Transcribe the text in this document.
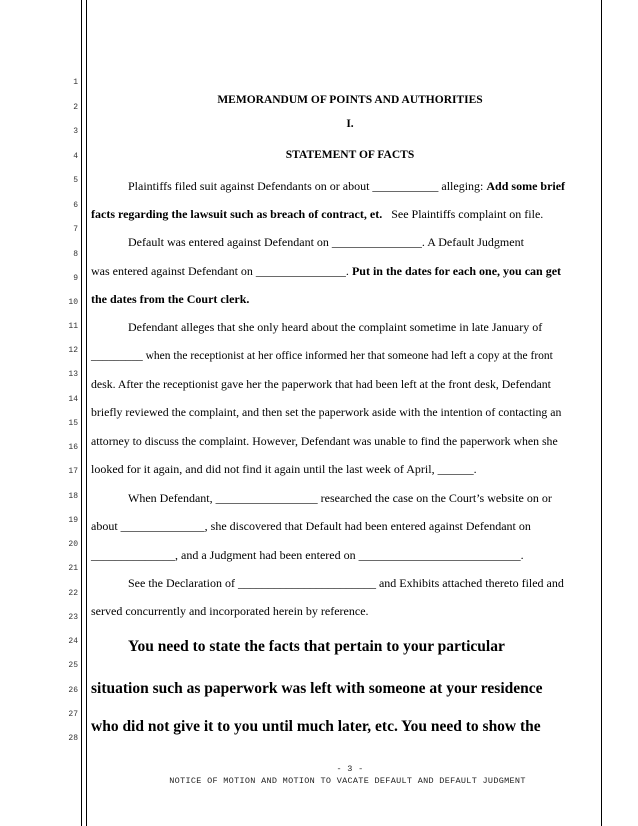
1
2
3
4
5
6
7
8
9
10
11
12
13
14
15
16
17
18
19
20
21
22
23
24
25
26
27
28
MEMORANDUM OF POINTS AND AUTHORITIES
I.
STATEMENT OF FACTS
Plaintiffs filed suit against Defendants on or about ___________ alleging: Add some brief
facts regarding the lawsuit such as breach of contract, et. See Plaintiffs complaint on file.
Default was entered against Defendant on _______________. A Default Judgment
was entered against Defendant on _______________. Put in the dates for each one, you can get
the dates from the Court clerk.
Defendant alleges that she only heard about the complaint sometime in late January of
_________ when the receptionist at her office informed her that someone had left a copy at the front
desk. After the receptionist gave her the paperwork that had been left at the front desk, Defendant
briefly reviewed the complaint, and then set the paperwork aside with the intention of contacting an
attorney to discuss the complaint. However, Defendant was unable to find the paperwork when she
looked for it again, and did not find it again until the last week of April, ______.
When Defendant, _________________ researched the case on the Court’s website on or
about ______________, she discovered that Default had been entered against Defendant on
______________, and a Judgment had been entered on ___________________________.
See the Declaration of _______________________ and Exhibits attached thereto filed and
served concurrently and incorporated herein by reference.
You need to state the facts that pertain to your particular
situation such as paperwork was left with someone at your residence
who did not give it to you until much later, etc. You need to show the
- 3 -
NOTICE OF MOTION AND MOTION TO VACATE DEFAULT AND DEFAULT JUDGMENT
